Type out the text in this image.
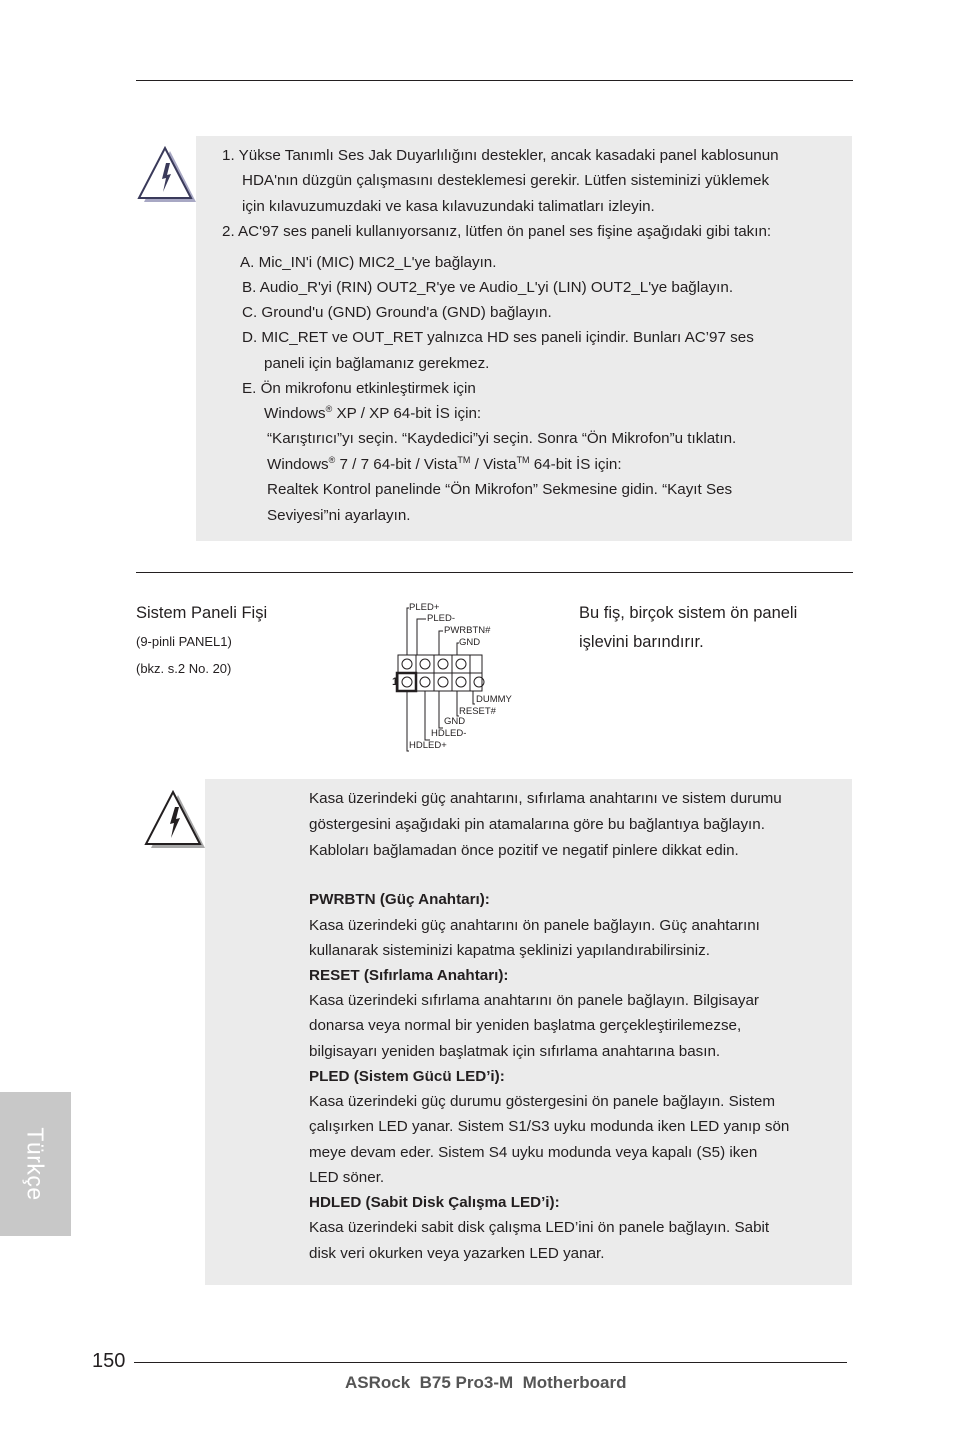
1. Yükse Tanımlı Ses Jak Duyarlılığını destekler, ancak kasadaki panel kablosunun
HDA'nın düzgün çalışmasını desteklemesi gerekir. Lütfen sisteminizi yüklemek
için kılavuzumuzdaki ve kasa kılavuzundaki talimatları izleyin.
2. AC'97 ses paneli kullanıyorsanız, lütfen ön panel ses fişine aşağıdaki gibi takın:
A. Mic_IN'i (MIC) MIC2_L'ye bağlayın.
B. Audio_R'yi (RIN) OUT2_R'ye ve Audio_L'yi (LIN) OUT2_L'ye bağlayın.
C. Ground'u (GND) Ground'a (GND) bağlayın.
D. MIC_RET ve OUT_RET yalnızca HD ses paneli içindir. Bunları AC’97 ses
paneli için bağlamanız gerekmez.
E. Ön mikrofonu etkinleştirmek için
Windows® XP / XP 64-bit İS için:
“Karıştırıcı”yı seçin. “Kaydedici”yi seçin. Sonra “Ön Mikrofon”u tıklatın.
Windows® 7 / 7 64-bit / Vista™ / Vista™ 64-bit İS için:
Realtek Kontrol panelinde “Ön Mikrofon” Sekmesine gidin. “Kayıt Ses
Seviyesi”ni ayarlayın.
Sistem Paneli Fişi
(9-pinli PANEL1)
(bkz. s.2 No. 20)
Bu fiş, birçok sistem ön paneli
işlevini barındırır.
PLED+
PLED-
PWRBTN#
GND
DUMMY
RESET#
GND
HDLED-
HDLED+
1
Kasa üzerindeki güç anahtarını, sıfırlama anahtarını ve sistem durumu
göstergesini aşağıdaki pin atamalarına göre bu bağlantıya bağlayın.
Kabloları bağlamadan önce pozitif ve negatif pinlere dikkat edin.
PWRBTN (Güç Anahtarı):
Kasa üzerindeki güç anahtarını ön panele bağlayın. Güç anahtarını
kullanarak sisteminizi kapatma şeklinizi yapılandırabilirsiniz.
RESET (Sıfırlama Anahtarı):
Kasa üzerindeki sıfırlama anahtarını ön panele bağlayın. Bilgisayar
donarsa veya normal bir yeniden başlatma gerçekleştirilemezse,
bilgisayarı yeniden başlatmak için sıfırlama anahtarına basın.
PLED (Sistem Gücü LED’i):
Kasa üzerindeki güç durumu göstergesini ön panele bağlayın. Sistem
çalışırken LED yanar. Sistem S1/S3 uyku modunda iken LED yanıp sön
meye devam eder. Sistem S4 uyku modunda veya kapalı (S5) iken
LED söner.
HDLED (Sabit Disk Çalışma LED’i):
Kasa üzerindeki sabit disk çalışma LED’ini ön panele bağlayın. Sabit
disk veri okurken veya yazarken LED yanar.
Türkçe
150
ASRock  B75 Pro3-M  Motherboard
